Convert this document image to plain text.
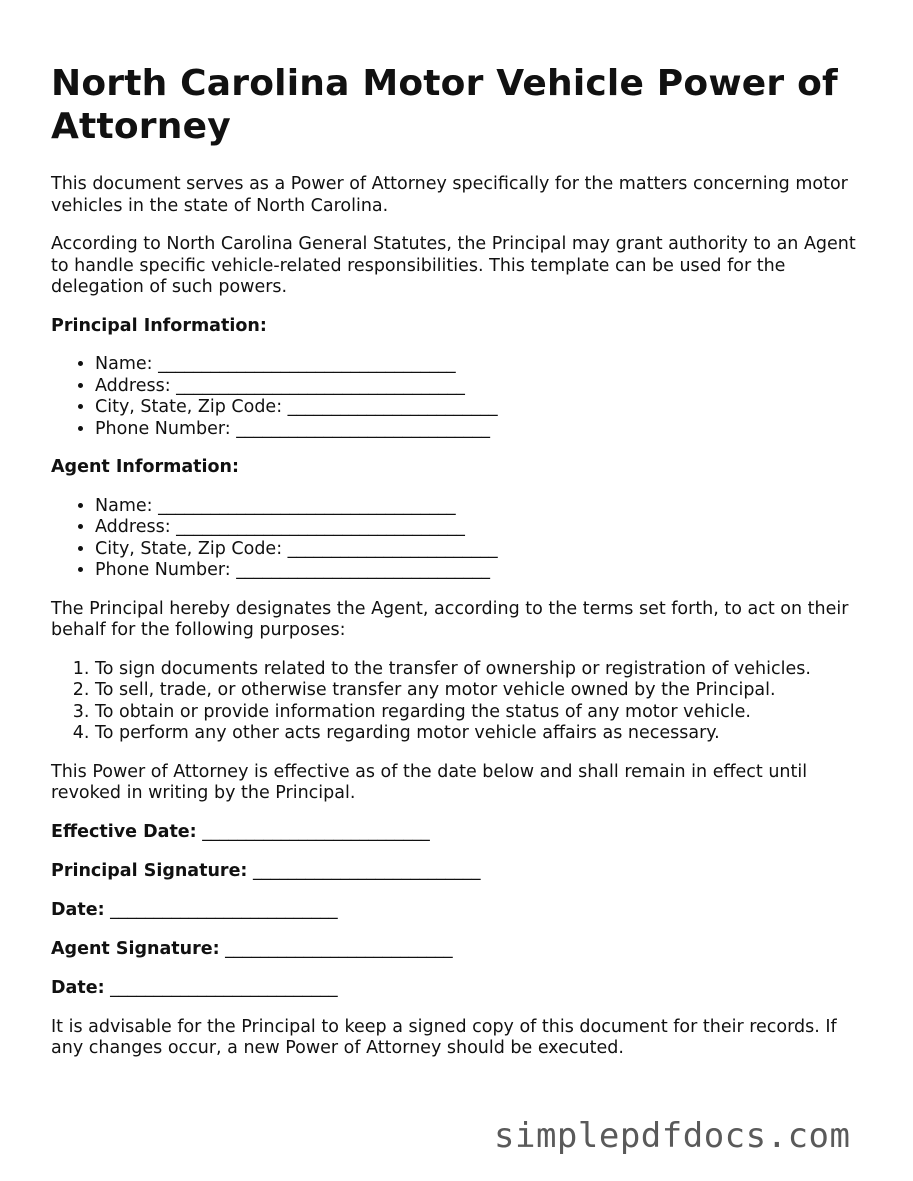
North Carolina Motor Vehicle Power of Attorney

This document serves as a Power of Attorney specifically for the matters concerning motor vehicles in the state of North Carolina.

According to North Carolina General Statutes, the Principal may grant authority to an Agent to handle specific vehicle-related responsibilities. This template can be used for the delegation of such powers.

Principal Information:
• Name: __________________________________
• Address: _________________________________
• City, State, Zip Code: ________________________
• Phone Number: _____________________________
Agent Information:
• Name: __________________________________
• Address: _________________________________
• City, State, Zip Code: ________________________
• Phone Number: _____________________________

The Principal hereby designates the Agent, according to the terms set forth, to act on their behalf for the following purposes:

1. To sign documents related to the transfer of ownership or registration of vehicles.
2. To sell, trade, or otherwise transfer any motor vehicle owned by the Principal.
3. To obtain or provide information regarding the status of any motor vehicle.
4. To perform any other acts regarding motor vehicle affairs as necessary.

This Power of Attorney is effective as of the date below and shall remain in effect until revoked in writing by the Principal.

Effective Date: __________________________
Principal Signature: __________________________
Date: __________________________
Agent Signature: __________________________
Date: __________________________

It is advisable for the Principal to keep a signed copy of this document for their records. If any changes occur, a new Power of Attorney should be executed.

simplepdfdocs.com
